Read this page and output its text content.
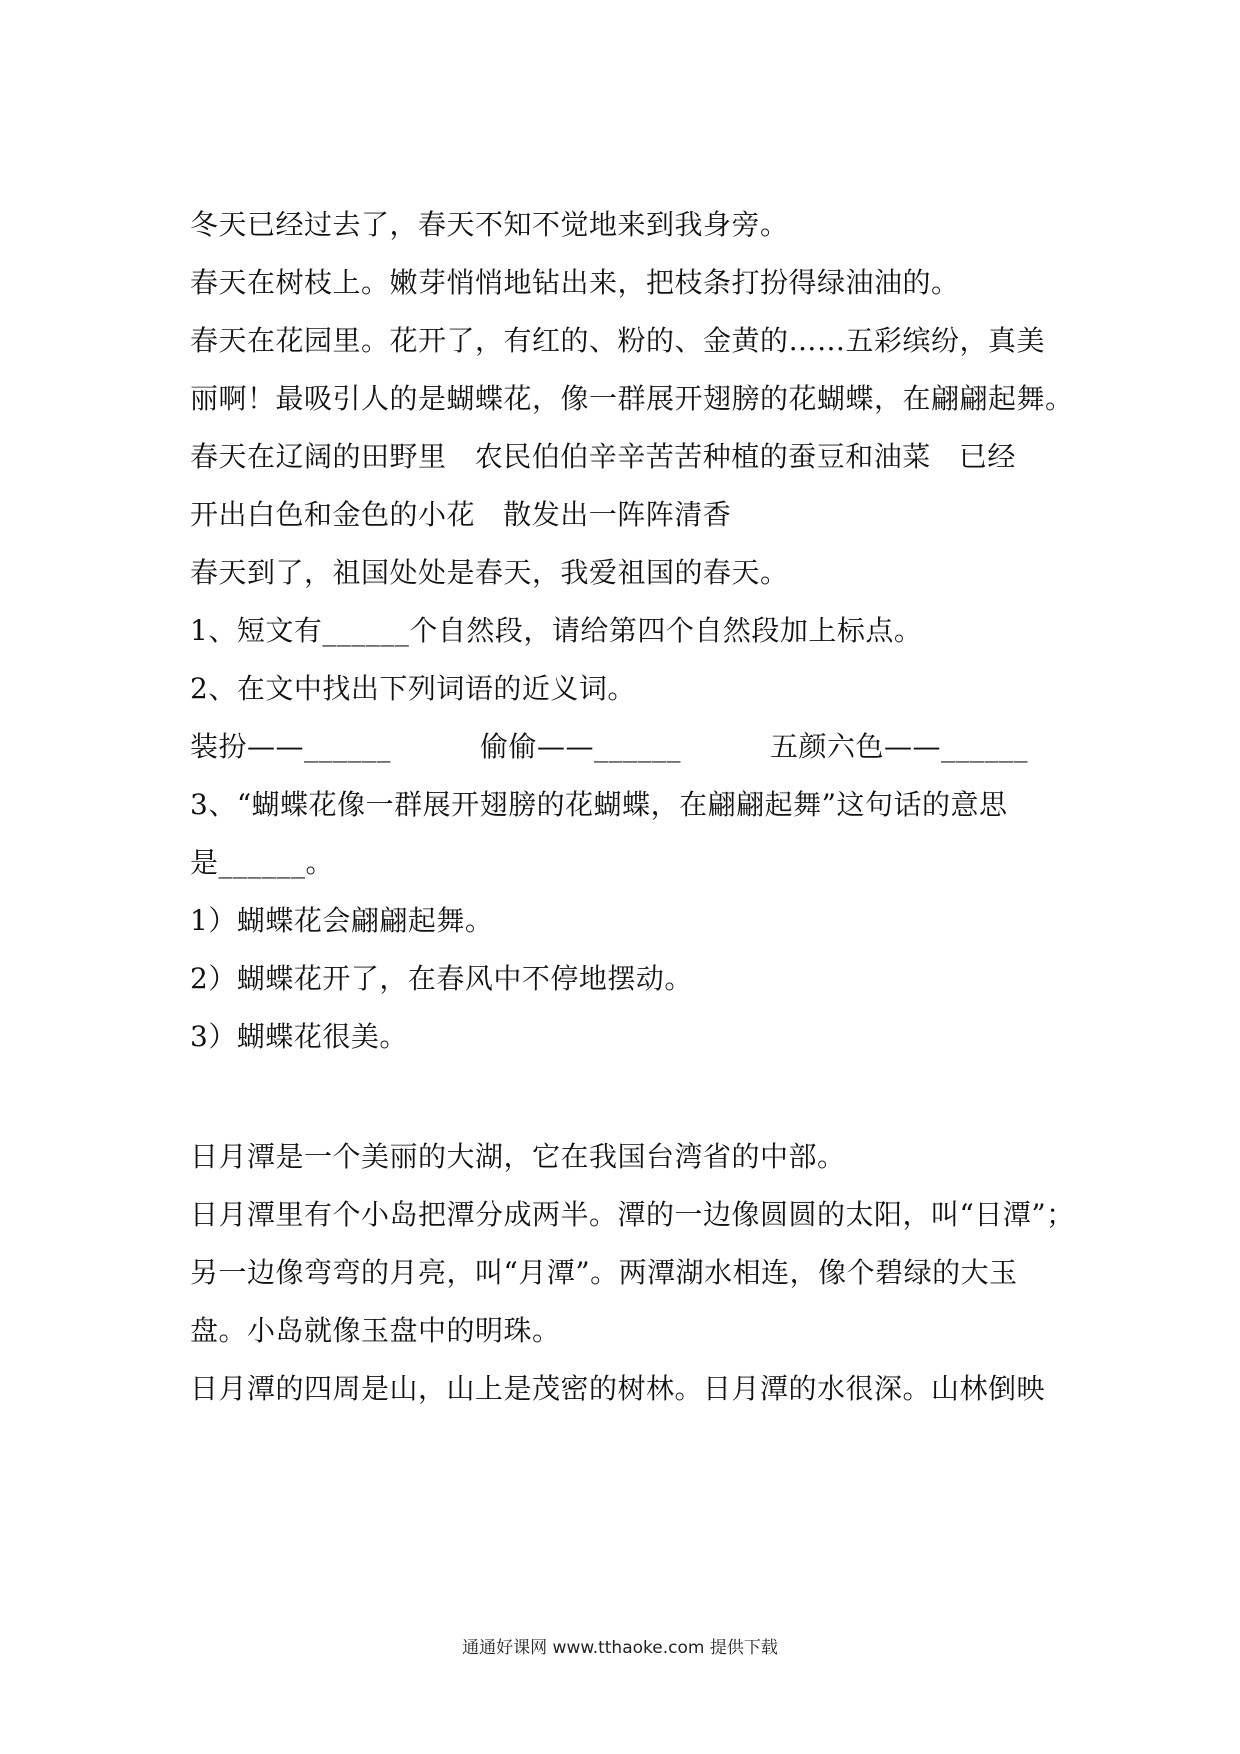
冬天已经过去了，春天不知不觉地来到我身旁。
春天在树枝上。嫩芽悄悄地钻出来，把枝条打扮得绿油油的。
春天在花园里。花开了，有红的、粉的、金黄的……五彩缤纷，真美
丽啊！最吸引人的是蝴蝶花，像一群展开翅膀的花蝴蝶，在翩翩起舞。
春天在辽阔的田野里   农民伯伯辛辛苦苦种植的蚕豆和油菜   已经
开出白色和金色的小花   散发出一阵阵清香
春天到了，祖国处处是春天，我爱祖国的春天。
1、短文有______个自然段，请给第四个自然段加上标点。
2、在文中找出下列词语的近义词。

装扮——______

	偷偷——______

	五颜六色——______

3、“蝴蝶花像一群展开翅膀的花蝴蝶，在翩翩起舞”这句话的意思
是______。
1）蝴蝶花会翩翩起舞。
2）蝴蝶花开了，在春风中不停地摆动。
3）蝴蝶花很美。
日月潭是一个美丽的大湖，它在我国台湾省的中部。
日月潭里有个小岛把潭分成两半。潭的一边像圆圆的太阳，叫“日潭”；
另一边像弯弯的月亮，叫“月潭”。两潭湖水相连，像个碧绿的大玉
盘。小岛就像玉盘中的明珠。
日月潭的四周是山，山上是茂密的树林。日月潭的水很深。山林倒映
通通好课网 www.tthaoke.com 提供下载
